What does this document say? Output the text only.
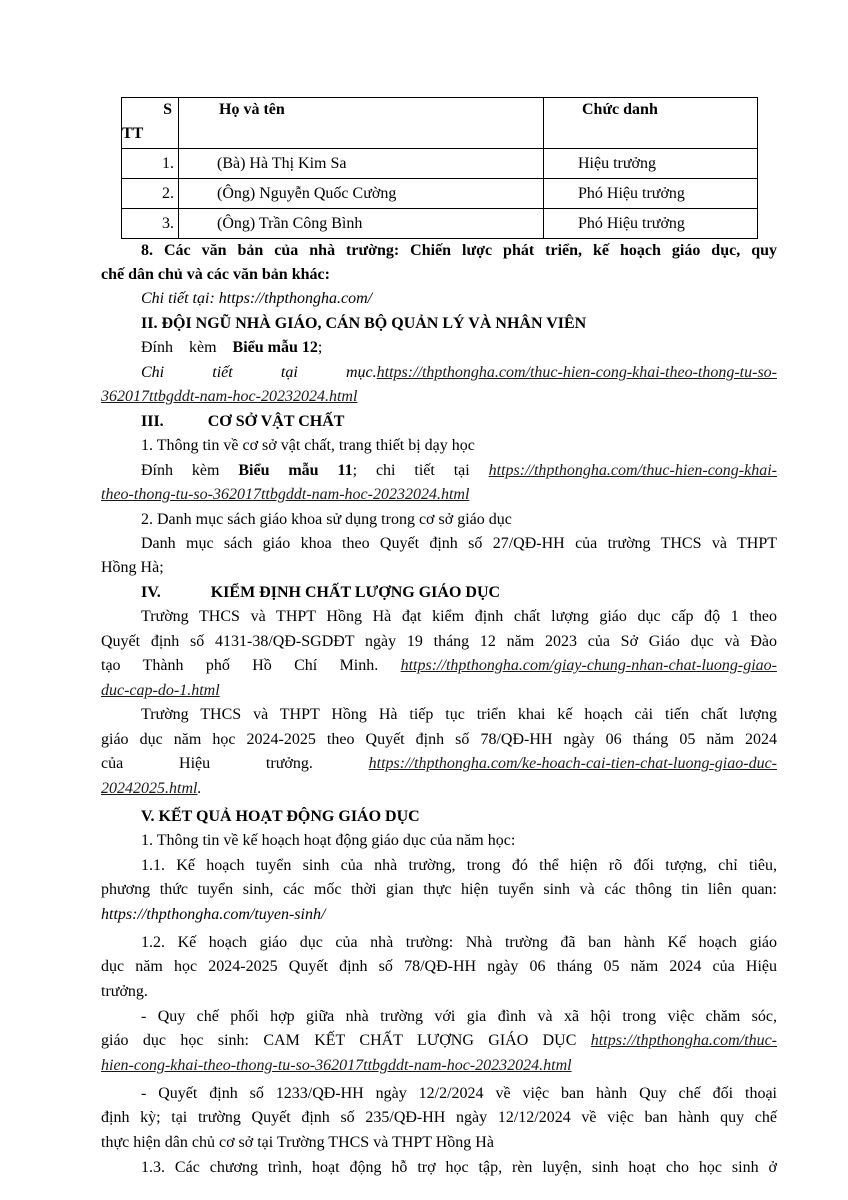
S
TT	Họ và tên	Chức danh

1.	(Bà) Hà Thị Kim Sa	Hiệu trưởng
2.	(Ông) Nguyễn Quốc Cường	Phó Hiệu trưởng
3.	(Ông) Trần Công Bình	Phó Hiệu trưởng
8. Các văn bản của nhà trường: Chiến lược phát triển, kế hoạch giáo dục, quy
chế dân chủ và các văn bản khác:
Chi tiết tại: https://thpthongha.com/
II. ĐỘI NGŨ NHÀ GIÁO, CÁN BỘ QUẢN LÝ VÀ NHÂN VIÊN
Đính    kèm    Biểu mẫu 12;
Chi tiết tại mục.https://thpthongha.com/thuc-hien-cong-khai-theo-thong-tu-so-
362017ttbgddt-nam-hoc-20232024.html
III.	CƠ SỞ VẬT CHẤT
1. Thông tin về cơ sở vật chất, trang thiết bị dạy học
Đính kèm Biểu mẫu 11; chi tiết tại https://thpthongha.com/thuc-hien-cong-khai-
theo-thong-tu-so-362017ttbgddt-nam-hoc-20232024.html
2. Danh mục sách giáo khoa sử dụng trong cơ sở giáo dục
Danh mục sách giáo khoa theo Quyết định số 27/QĐ-HH của trường THCS và THPT
Hồng Hà;
IV.	KIỂM ĐỊNH CHẤT LƯỢNG GIÁO DỤC
Trường THCS và THPT Hồng Hà đạt kiểm định chất lượng giáo dục cấp độ 1 theo
Quyết định số 4131-38/QĐ-SGDĐT ngày 19 tháng 12 năm 2023 của Sở Giáo dục và Đào
tạo Thành phố Hồ Chí Minh. https://thpthongha.com/giay-chung-nhan-chat-luong-giao-
duc-cap-do-1.html
Trường THCS và THPT Hồng Hà tiếp tục triển khai kế hoạch cải tiến chất lượng
giáo dục năm học 2024-2025 theo Quyết định số 78/QĐ-HH ngày 06 tháng 05 năm 2024
của      Hiệu      trưởng.      https://thpthongha.com/ke-hoach-cai-tien-chat-luong-giao-duc-
20242025.html.
V. KẾT QUẢ HOẠT ĐỘNG GIÁO DỤC
1. Thông tin về kế hoạch hoạt động giáo dục của năm học:
1.1. Kế hoạch tuyển sinh của nhà trường, trong đó thể hiện rõ đối tượng, chỉ tiêu,
phương thức tuyển sinh, các mốc thời gian thực hiện tuyển sinh và các thông tin liên quan:
https://thpthongha.com/tuyen-sinh/
1.2. Kế hoạch giáo dục của nhà trường: Nhà trường đã ban hành Kế hoạch giáo
dục năm học 2024-2025 Quyết định số 78/QĐ-HH ngày 06 tháng 05 năm 2024 của Hiệu
trưởng.
- Quy chế phối hợp giữa nhà trường với gia đình và xã hội trong việc chăm sóc,
giáo dục học sinh: CAM KẾT CHẤT LƯỢNG GIÁO DỤC https://thpthongha.com/thuc-
hien-cong-khai-theo-thong-tu-so-362017ttbgddt-nam-hoc-20232024.html
- Quyết định số 1233/QĐ-HH ngày 12/2/2024 về việc ban hành Quy chế đối thoại
định kỳ; tại trường Quyết định số 235/QĐ-HH ngày 12/12/2024 về việc ban hành quy chế
thực hiện dân chủ cơ sở tại Trường THCS và THPT Hồng Hà
1.3. Các chương trình, hoạt động hỗ trợ học tập, rèn luyện, sinh hoạt cho học sinh ở
